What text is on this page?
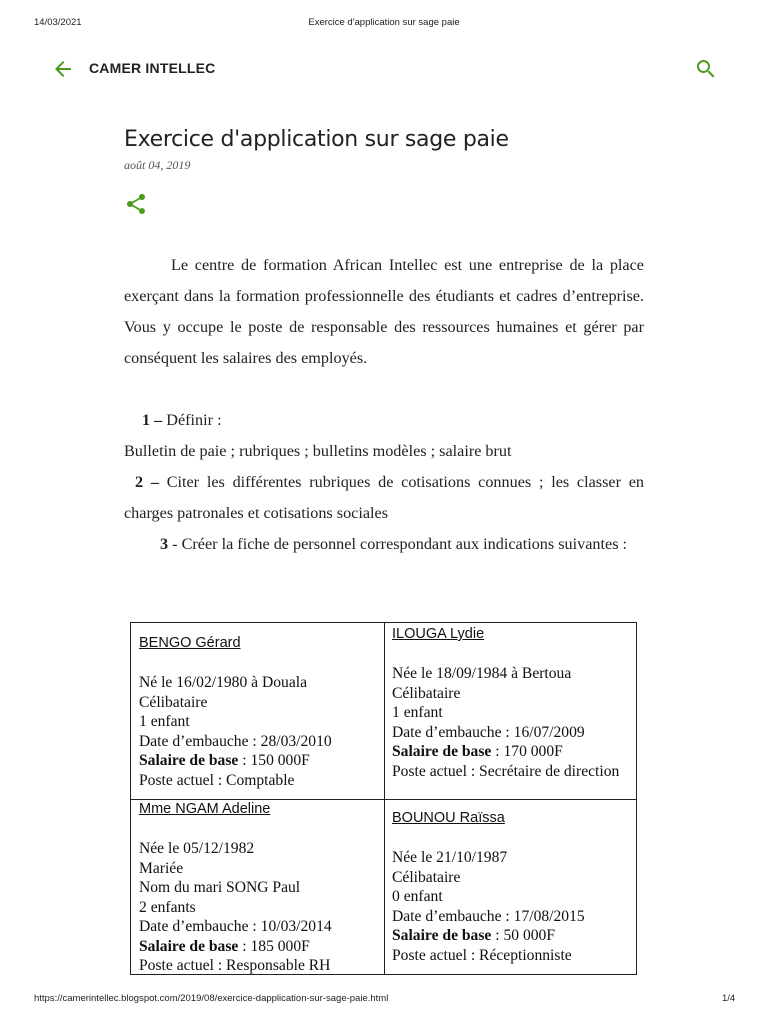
14/03/2021	Exercice d'application sur sage paie
CAMER INTELLEC
Exercice d'application sur sage paie
août 04, 2019
Le centre de formation African Intellec est une entreprise de la place exerçant dans la formation professionnelle des étudiants et cadres d’entreprise. Vous y occupe le poste de responsable des ressources humaines et gérer par conséquent les salaires des employés.
1 – Définir :
Bulletin de paie ; rubriques ; bulletins modèles ; salaire brut
2 – Citer les différentes rubriques de cotisations connues ; les classer en charges patronales et cotisations sociales
3 - Créer la fiche de personnel correspondant aux indications suivantes :
BENGO Gérard
Né le 16/02/1980 à Douala
Célibataire
1 enfant
Date d’embauche : 28/03/2010
Salaire de base : 150 000F
Poste actuel : Comptable
ILOUGA Lydie
Née le 18/09/1984 à Bertoua
Célibataire
1 enfant
Date d’embauche : 16/07/2009
Salaire de base : 170 000F
Poste actuel : Secrétaire de direction
Mme NGAM Adeline
Née le 05/12/1982
Mariée
Nom du mari SONG Paul
2 enfants
Date d’embauche : 10/03/2014
Salaire de base : 185 000F
Poste actuel : Responsable RH
BOUNOU Raïssa
Née le 21/10/1987
Célibataire
0 enfant
Date d’embauche : 17/08/2015
Salaire de base : 50 000F
Poste actuel : Réceptionniste
https://camerintellec.blogspot.com/2019/08/exercice-dapplication-sur-sage-paie.html	1/4
